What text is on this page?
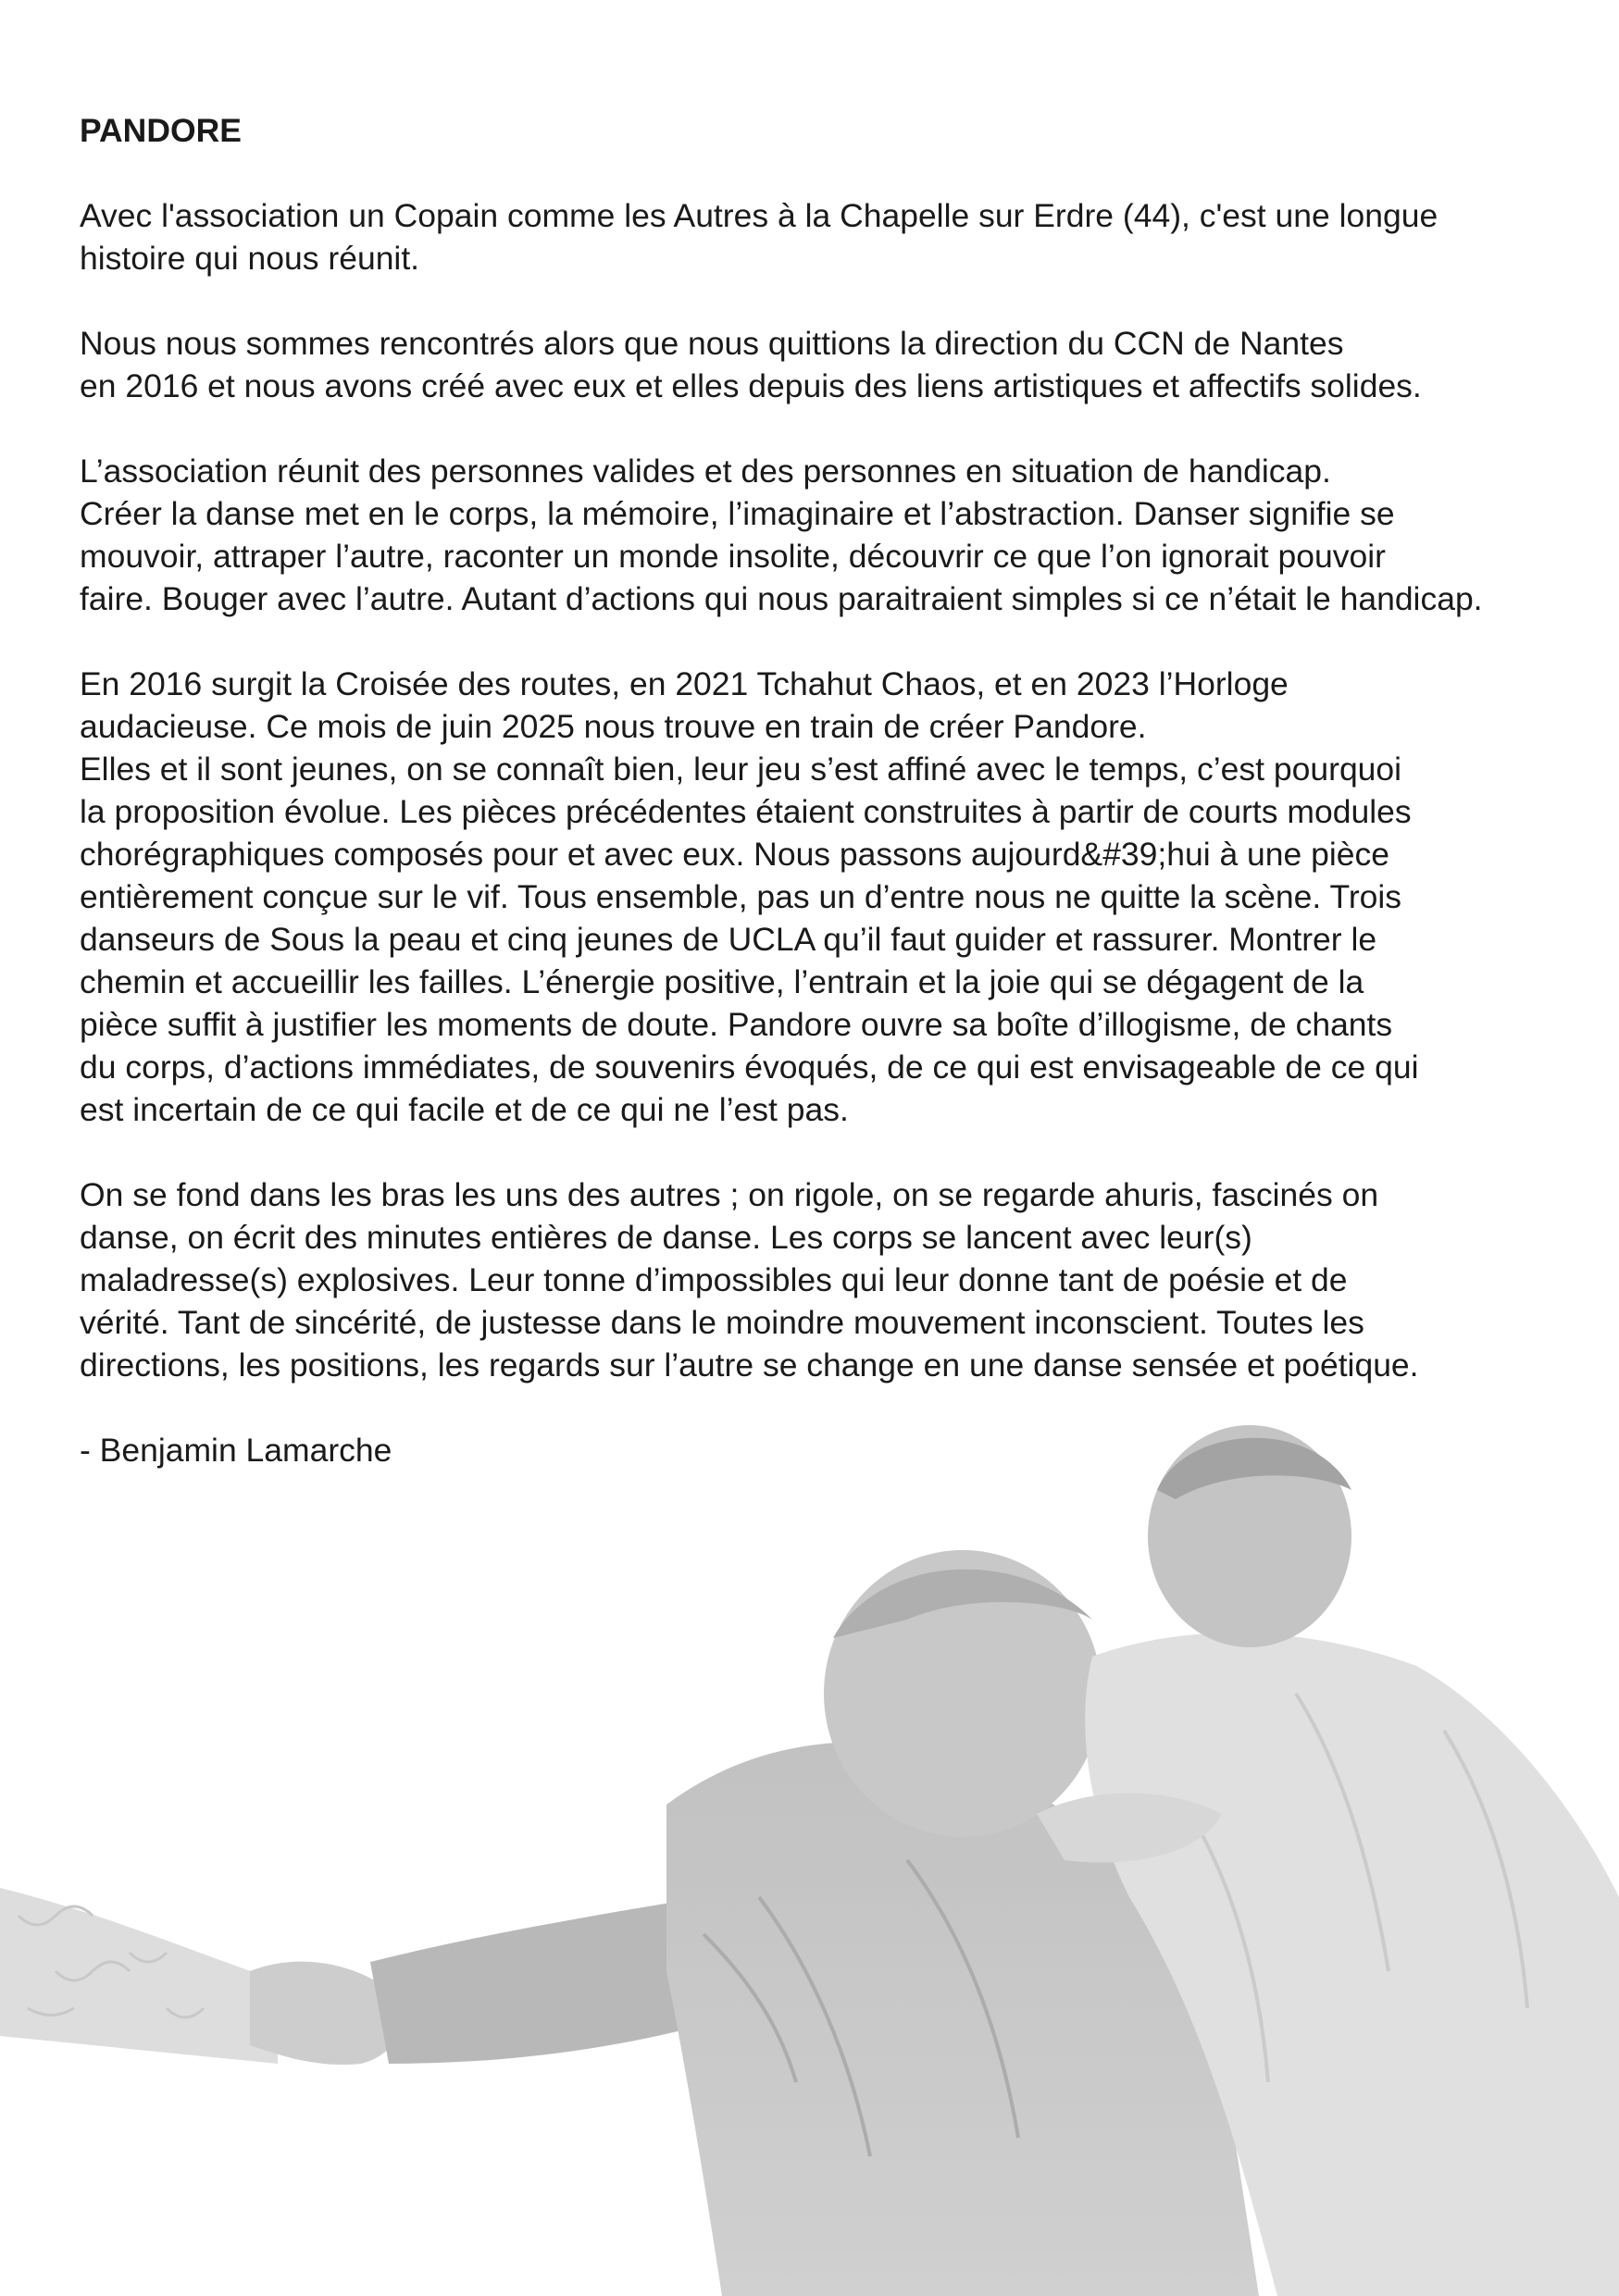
PANDORE

Avec l'association un Copain comme les Autres à la Chapelle sur Erdre (44), c'est une longue
histoire qui nous réunit.

Nous nous sommes rencontrés alors que nous quittions la direction du CCN de Nantes
en 2016 et nous avons créé avec eux et elles depuis des liens artistiques et affectifs solides.

L’association réunit des personnes valides et des personnes en situation de handicap.
Créer la danse met en le corps, la mémoire, l’imaginaire et l’abstraction. Danser signifie se
mouvoir, attraper l’autre, raconter un monde insolite, découvrir ce que l’on ignorait pouvoir
faire. Bouger avec l’autre. Autant d’actions qui nous paraitraient simples si ce n’était le handicap.

En 2016 surgit la Croisée des routes, en 2021 Tchahut Chaos, et en 2023 l’Horloge
audacieuse. Ce mois de juin 2025 nous trouve en train de créer Pandore.
Elles et il sont jeunes, on se connaît bien, leur jeu s’est affiné avec le temps, c’est pourquoi
la proposition évolue. Les pièces précédentes étaient construites à partir de courts modules
chorégraphiques composés pour et avec eux. Nous passons aujourd&#39;hui à une pièce
entièrement conçue sur le vif. Tous ensemble, pas un d’entre nous ne quitte la scène. Trois
danseurs de Sous la peau et cinq jeunes de UCLA qu’il faut guider et rassurer. Montrer le
chemin et accueillir les failles. L’énergie positive, l’entrain et la joie qui se dégagent de la
pièce suffit à justifier les moments de doute. Pandore ouvre sa boîte d’illogisme, de chants
du corps, d’actions immédiates, de souvenirs évoqués, de ce qui est envisageable de ce qui
est incertain de ce qui facile et de ce qui ne l’est pas.

On se fond dans les bras les uns des autres ; on rigole, on se regarde ahuris, fascinés on
danse, on écrit des minutes entières de danse. Les corps se lancent avec leur(s)
maladresse(s) explosives. Leur tonne d’impossibles qui leur donne tant de poésie et de
vérité. Tant de sincérité, de justesse dans le moindre mouvement inconscient. Toutes les
directions, les positions, les regards sur l’autre se change en une danse sensée et poétique.

- Benjamin Lamarche
